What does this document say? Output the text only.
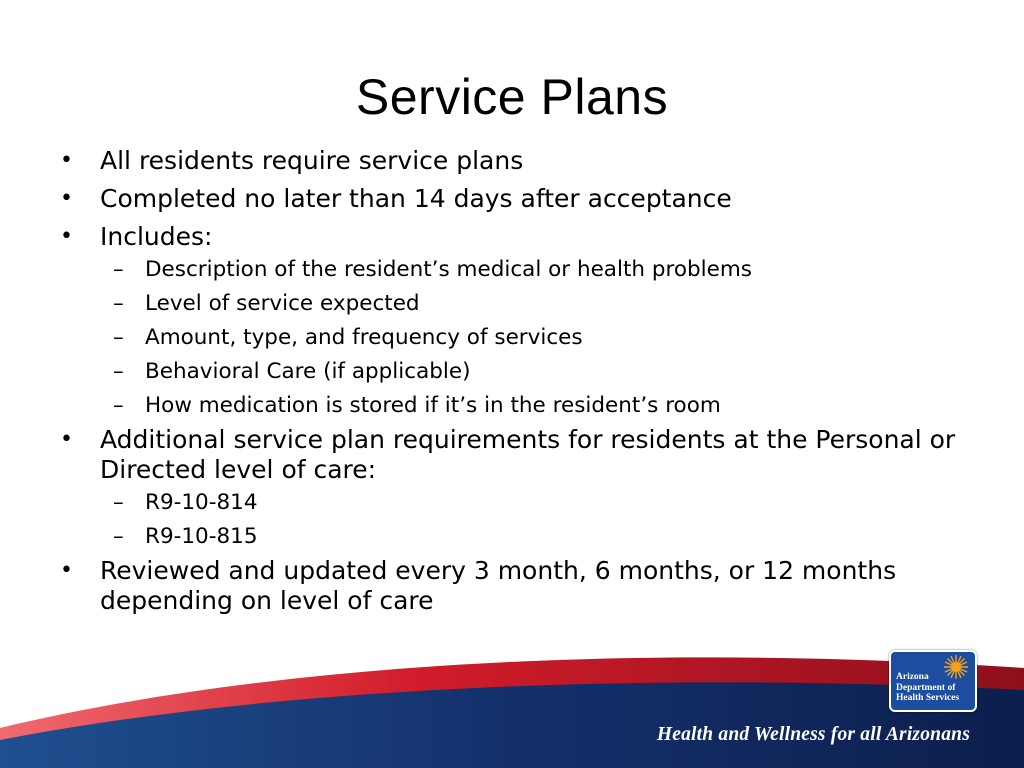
Service Plans
• All residents require service plans
• Completed no later than 14 days after acceptance
• Includes:
– Description of the resident’s medical or health problems
– Level of service expected
– Amount, type, and frequency of services
– Behavioral Care (if applicable)
– How medication is stored if it’s in the resident’s room
• Additional service plan requirements for residents at the Personal or Directed level of care:
– R9-10-814
– R9-10-815
• Reviewed and updated every 3 month, 6 months, or 12 months depending on level of care
Health and Wellness for all Arizonans
Arizona
Department of
Health Services
